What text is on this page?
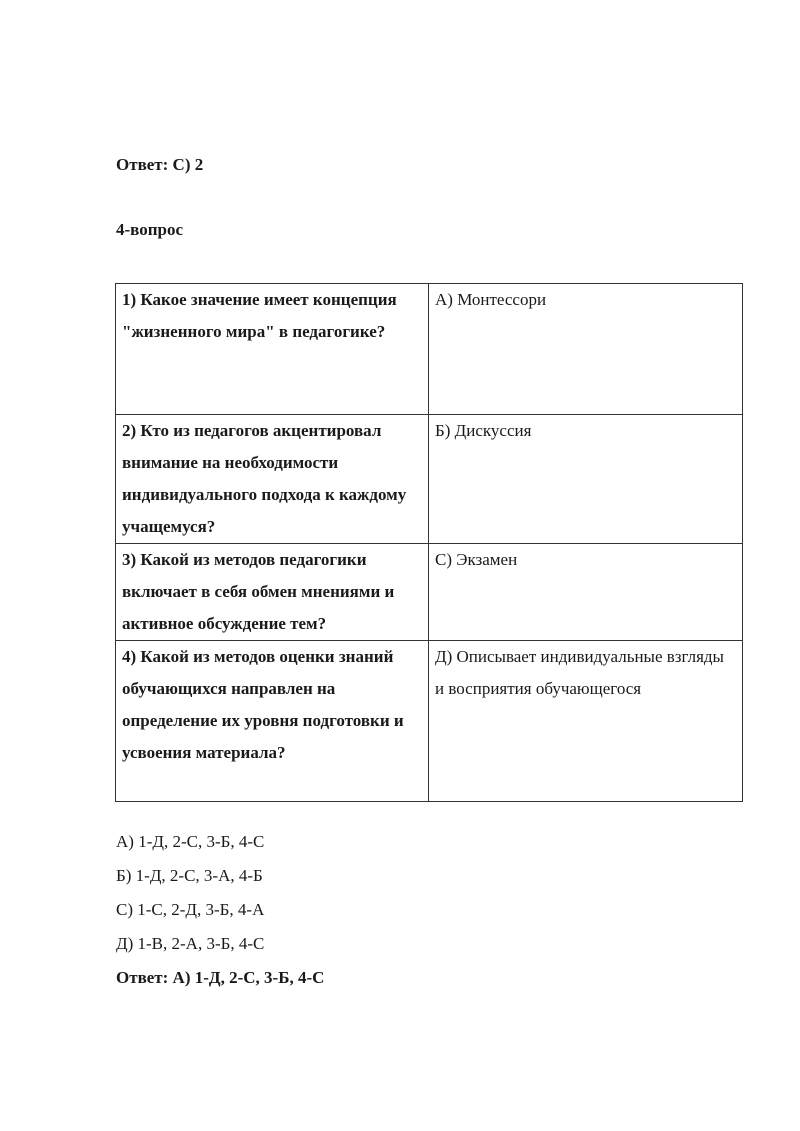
Ответ: С) 2
4-вопрос
1) Какое значение имеет концепция "жизненного мира" в педагогике?	А) Монтессори
2) Кто из педагогов акцентировал внимание на необходимости индивидуального подхода к каждому учащемуся?	Б) Дискуссия
3) Какой из методов педагогики включает в себя обмен мнениями и активное обсуждение тем?	С) Экзамен
4) Какой из методов оценки знаний обучающихся направлен на определение их уровня подготовки и усвоения материала?	Д) Описывает индивидуальные взгляды и восприятия обучающегося
А) 1-Д, 2-С, 3-Б, 4-С
Б) 1-Д, 2-С, 3-А, 4-Б
С) 1-С, 2-Д, 3-Б, 4-А
Д) 1-В, 2-А, 3-Б, 4-С
Ответ: А) 1-Д, 2-С, 3-Б, 4-С
